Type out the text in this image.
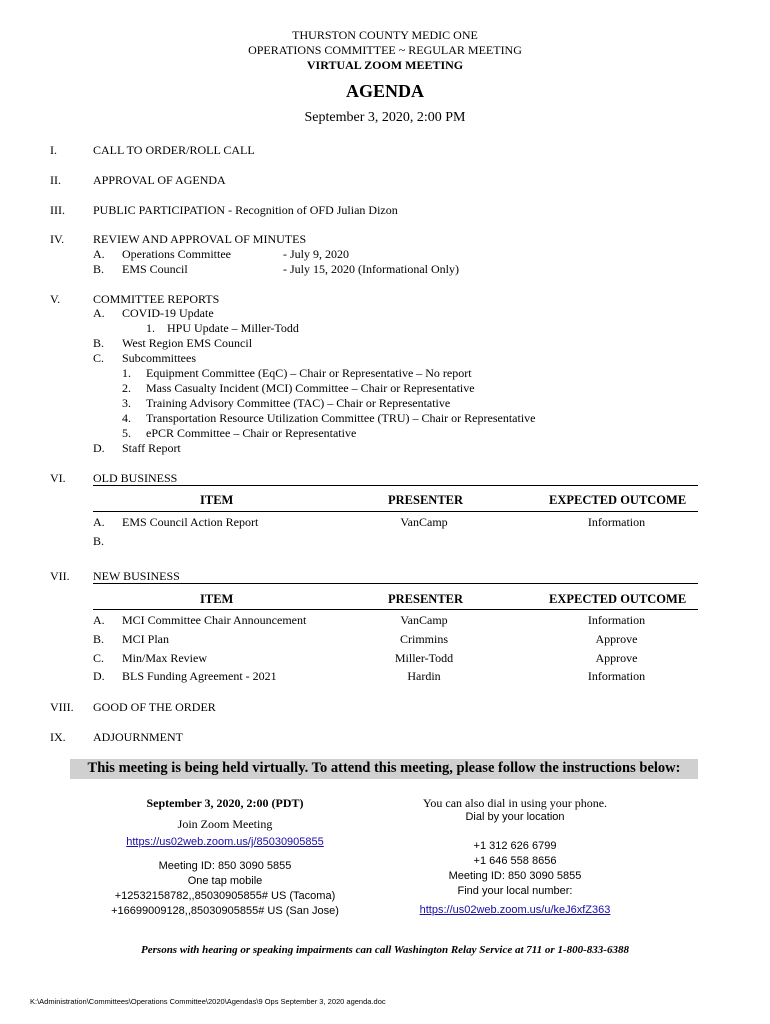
THURSTON COUNTY MEDIC ONE
OPERATIONS COMMITTEE ~ REGULAR MEETING
VIRTUAL ZOOM MEETING
AGENDA
September 3, 2020, 2:00 PM
I.	CALL TO ORDER/ROLL CALL
II.	APPROVAL OF AGENDA
III. PUBLIC PARTICIPATION - Recognition of OFD Julian Dizon
IV. REVIEW AND APPROVAL OF MINUTES
A. Operations Committee	- July 9, 2020
B. EMS Council	- July 15, 2020 (Informational Only)
V.	COMMITTEE REPORTS
A. COVID-19 Update
1. HPU Update – Miller-Todd
B. West Region EMS Council
C. Subcommittees
1. Equipment Committee (EqC) – Chair or Representative – No report
2. Mass Casualty Incident (MCI) Committee – Chair or Representative
3. Training Advisory Committee (TAC) – Chair or Representative
4. Transportation Resource Utilization Committee (TRU) – Chair or Representative
5. ePCR Committee – Chair or Representative
D. Staff Report
VI. OLD BUSINESS
ITEM	PRESENTER	EXPECTED OUTCOME
A. EMS Council Action Report	VanCamp	Information
B.
VII. NEW BUSINESS
ITEM	PRESENTER	EXPECTED OUTCOME
A. MCI Committee Chair Announcement	VanCamp	Information
B. MCI Plan	Crimmins	Approve
C. Min/Max Review	Miller-Todd	Approve
D. BLS Funding Agreement - 2021	Hardin	Information
VIII. GOOD OF THE ORDER
IX. ADJOURNMENT
This meeting is being held virtually. To attend this meeting, please follow the instructions below:
September 3, 2020, 2:00 (PDT)
Join Zoom Meeting
https://us02web.zoom.us/j/85030905855
Meeting ID: 850 3090 5855
One tap mobile
+12532158782,,85030905855# US (Tacoma)
+16699009128,,85030905855# US (San Jose)
You can also dial in using your phone.
Dial by your location
+1 312 626 6799
+1 646 558 8656
Meeting ID: 850 3090 5855
Find your local number:
https://us02web.zoom.us/u/keJ6xfZ363
Persons with hearing or speaking impairments can call Washington Relay Service at 711 or 1-800-833-6388
K:\Administration\Committees\Operations Committee\2020\Agendas\9 Ops September 3, 2020 agenda.doc
